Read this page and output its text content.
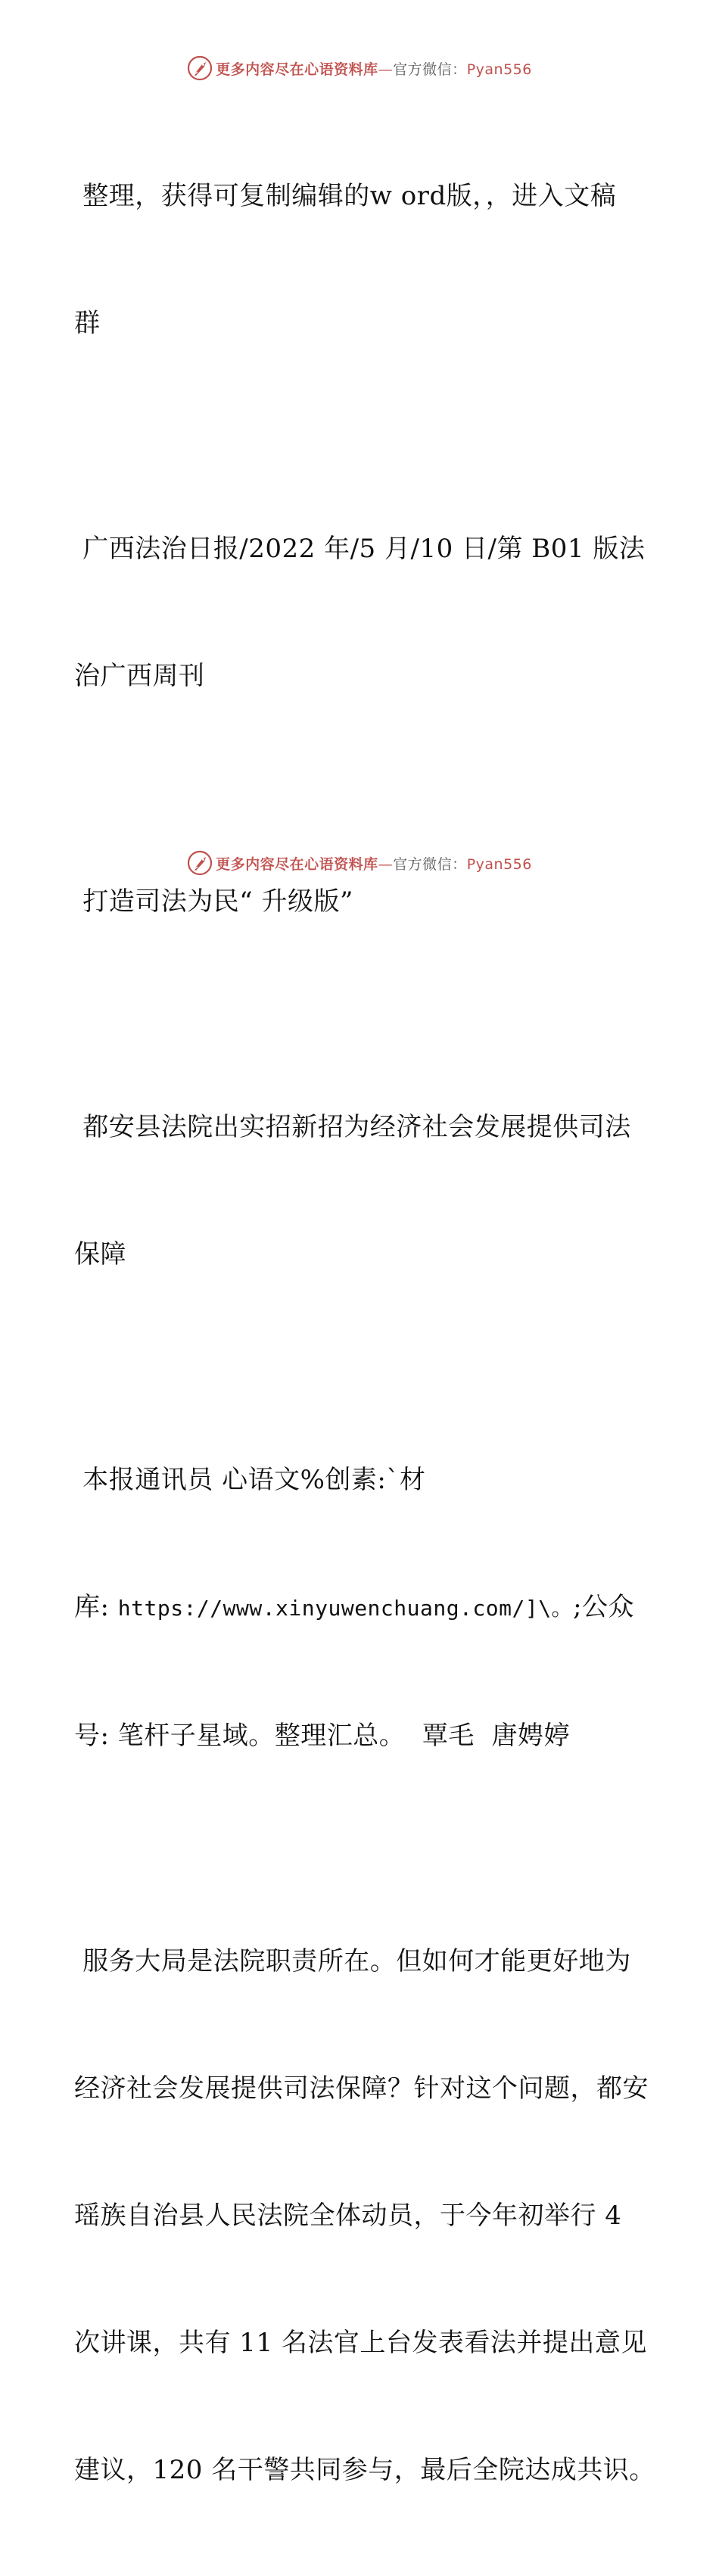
更多内容尽在心语资料库—官方微信：Pyan556

整理，获得可复制编辑的w ord版，，进入文稿

群

广西法治日报/2022 年/5 月/10 日/第 B01 版法

治广西周刊

打造司法为民“ 升级版”

都安县法院出实招新招为经济社会发展提供司法

保障

本报通讯员 心语文%创素:`材

库: https://www.xinyuwenchuang.com/]\。;公众

号: 笔杆子星域。整理汇总。  覃毛  唐娉婷

服务大局是法院职责所在。但如何才能更好地为

经济社会发展提供司法保障？针对这个问题，都安

瑶族自治县人民法院全体动员，于今年初举行 4

次讲课，共有 11 名法官上台发表看法并提出意见

建议，120 名干警共同参与，最后全院达成共识。

更多内容尽在心语资料库—官方微信：Pyan556
